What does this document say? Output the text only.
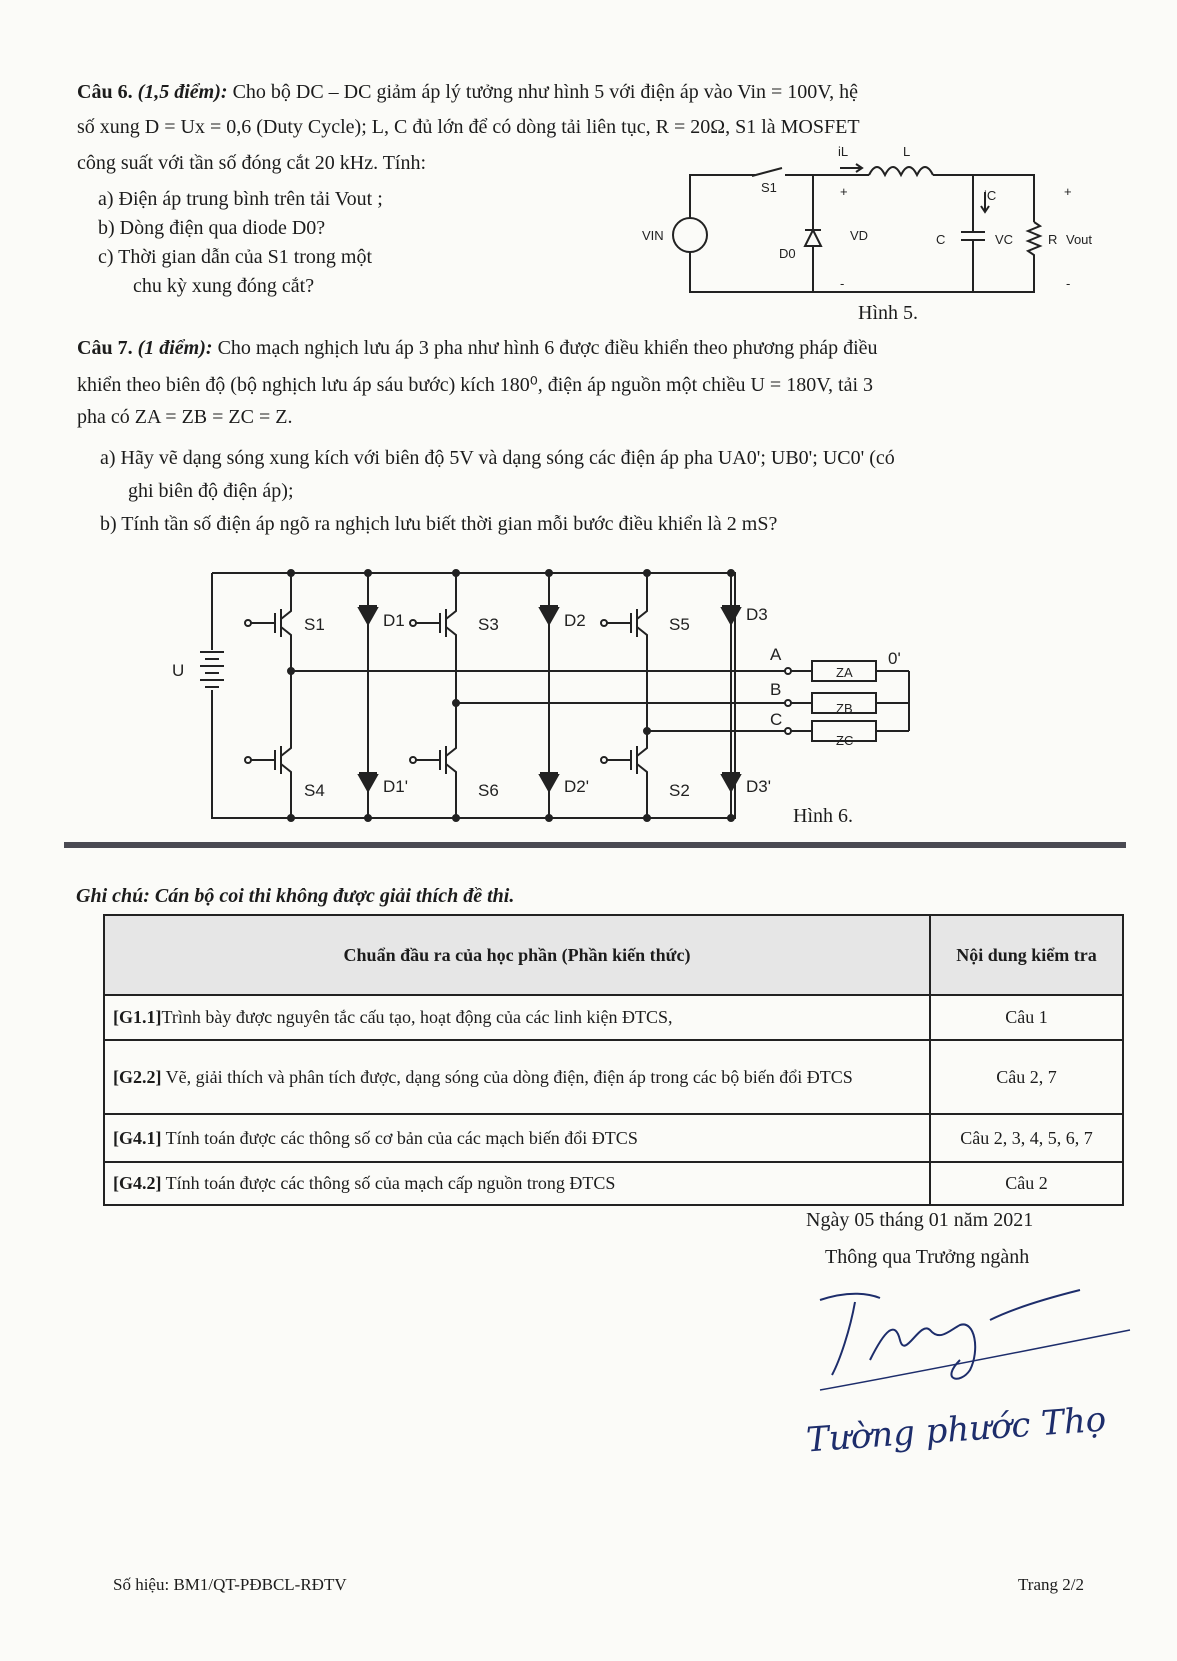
Câu 6. (1,5 điểm): Cho bộ DC – DC giảm áp lý tưởng như hình 5 với điện áp vào Vin = 100V, hệ
số xung D = Ux = 0,6 (Duty Cycle); L, C đủ lớn để có dòng tải liên tục, R = 20Ω, S1 là MOSFET
công suất với tần số đóng cắt 20 kHz. Tính:
a) Điện áp trung bình trên tải Vout ;
b) Dòng điện qua diode D0?
c) Thời gian dẫn của S1 trong một
chu kỳ xung đóng cắt?
Hình 5.
Câu 7. (1 điểm): Cho mạch nghịch lưu áp 3 pha như hình 6 được điều khiển theo phương pháp điều
khiển theo biên độ (bộ nghịch lưu áp sáu bước) kích 180⁰, điện áp nguồn một chiều U = 180V, tải 3
pha có ZA = ZB = ZC = Z.
a) Hãy vẽ dạng sóng xung kích với biên độ 5V và dạng sóng các điện áp pha UA0'; UB0'; UC0' (có
ghi biên độ điện áp);
b) Tính tần số điện áp ngõ ra nghịch lưu biết thời gian mỗi bước điều khiển là 2 mS?
Hình 6.
S1
iL	L
+
-
VIN
D0
VD
iC
C	VC	R Vout
+
-
U
S1	D1	S3	D2	S5
D3
S4	D1'	S6	D2'	S2	D3'
A
B
C
0'
ZA
ZB
ZC
Ghi chú: Cán bộ coi thi không được giải thích đề thi.
Chuẩn đầu ra của học phần (Phần kiến thức)	Nội dung kiểm tra
[G1.1]Trình bày được nguyên tắc cấu tạo, hoạt động của các linh kiện ĐTCS,	Câu 1
[G2.2] Vẽ, giải thích và phân tích được, dạng sóng của dòng điện, điện áp trong các bộ biến đổi ĐTCS	Câu 2, 7
[G4.1] Tính toán được các thông số cơ bản của các mạch biến đổi ĐTCS	Câu 2, 3, 4, 5, 6, 7
[G4.2] Tính toán được các thông số của mạch cấp nguồn trong ĐTCS	Câu 2
Ngày 05 tháng 01 năm 2021
Thông qua Trưởng ngành
Tường phước Thọ
Số hiệu: BM1/QT-PĐBCL-RĐTV	Trang 2/2
